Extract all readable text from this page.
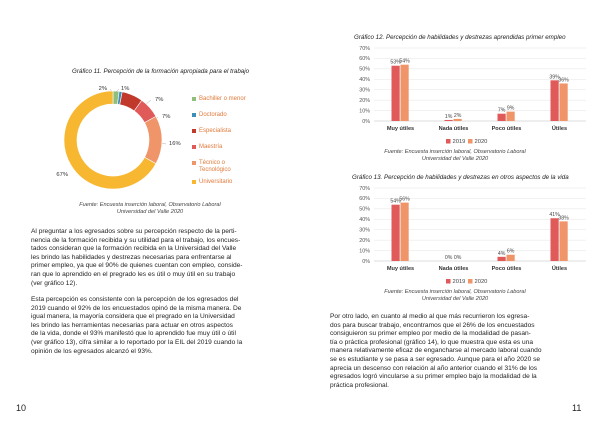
Gráfico 11. Percepción de la formación apropiada para el trabajo
2% 1%
7%
7%
16%
67%
Bachiller o menor
Doctorado
Especialista
Maestría
Técnico o
Tecnológico
Universitario
Fuente: Encuesta inserción laboral, Observatorio Laboral
Universidad del Valle 2020
Al preguntar a los egresados sobre su percepción respecto de la perti-
nencia de la formación recibida y su utilidad para el trabajo, los encues-
tados consideran que la formación recibida en la Universidad del Valle
les brindo las habilidades y destrezas necesarias para enfrentarse al
primer empleo, ya que el 90% de quienes cuentan con empleo, conside-
ran que lo aprendido en el pregrado les es útil o muy útil en su trabajo
(ver gráfico 12).
Esta percepción es consistente con la percepción de los egresados del
2019 cuando el 92% de los encuestados opinó de la misma manera. De
igual manera, la mayoría considera que el pregrado en la Universidad
les brindo las herramientas necesarias para actuar en otros aspectos
de la vida, donde el 93% manifestó que lo aprendido fue muy útil o útil
(ver gráfico 13), cifra similar a lo reportado por la EIL del 2019 cuando la
opinión de los egresados alcanzó el 93%.
10
Gráfico 12. Percepción de habilidades y destrezas aprendidas primer empleo
0%
10%
20%
30%
40%
50%
60%
70%
53%
54%
Muy útiles
1% 2%
Nada útiles
7% 9%
Poco útiles
39%
36%
Útiles
2019 2020
Fuente: Encuesta inserción laboral, Observatorio Laboral
Universidad del Valle 2020
Gráfico 13. Percepción de habilidades y destrezas en otros aspectos de la vida
0%
10%
20%
30%
40%
50%
60%
70%
54%
56%
Muy útiles
0% 0%
Nada útiles
4% 6%
Poco útiles
41%
38%
Útiles
2019 2020
Fuente: Encuesta inserción laboral, Observatorio Laboral
Universidad del Valle 2020
Por otro lado, en cuanto al medio al que más recurrieron los egresa-
dos para buscar trabajo, encontramos que el 26% de los encuestados
consiguieron su primer empleo por medio de la modalidad de pasan-
tía o práctica profesional (gráfico 14), lo que muestra que esta es una
manera relativamente eficaz de engancharse al mercado laboral cuando
se es estudiante y se pasa a ser egresado. Aunque para el año 2020 se
aprecia un descenso con relación al año anterior cuando el 31% de los
egresados logró vincularse a su primer empleo bajo la modalidad de la
práctica profesional.
11
